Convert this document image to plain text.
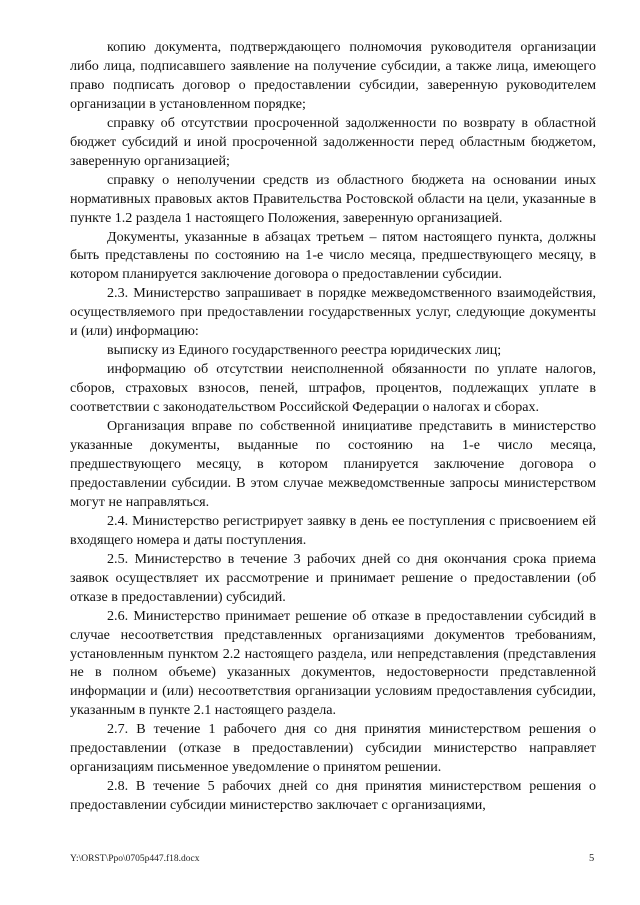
копию документа, подтверждающего полномочия руководителя организации либо лица, подписавшего заявление на получение субсидии, а также лица, имеющего право подписать договор о предоставлении субсидии, заверенную руководителем организации в установленном порядке;

справку об отсутствии просроченной задолженности по возврату в областной бюджет субсидий и иной просроченной задолженности перед областным бюджетом, заверенную организацией;

справку о неполучении средств из областного бюджета на основании иных нормативных правовых актов Правительства Ростовской области на цели, указанные в пункте 1.2 раздела 1 настоящего Положения, заверенную организацией.

Документы, указанные в абзацах третьем – пятом настоящего пункта, должны быть представлены по состоянию на 1-е число месяца, предшествующего месяцу, в котором планируется заключение договора о предоставлении субсидии.

2.3. Министерство запрашивает в порядке межведомственного взаимодействия, осуществляемого при предоставлении государственных услуг, следующие документы и (или) информацию:

выписку из Единого государственного реестра юридических лиц;

информацию об отсутствии неисполненной обязанности по уплате налогов, сборов, страховых взносов, пеней, штрафов, процентов, подлежащих уплате в соответствии с законодательством Российской Федерации о налогах и сборах.

Организация вправе по собственной инициативе представить в министерство указанные документы, выданные по состоянию на 1-е число месяца, предшествующего месяцу, в котором планируется заключение договора о предоставлении субсидии. В этом случае межведомственные запросы министерством могут не направляться.

2.4. Министерство регистрирует заявку в день ее поступления с присвоением ей входящего номера и даты поступления.

2.5. Министерство в течение 3 рабочих дней со дня окончания срока приема заявок осуществляет их рассмотрение и принимает решение о предоставлении (об отказе в предоставлении) субсидий.

2.6. Министерство принимает решение об отказе в предоставлении субсидий в случае несоответствия представленных организациями документов требованиям, установленным пунктом 2.2 настоящего раздела, или непредставления (представления не в полном объеме) указанных документов, недостоверности представленной информации и (или) несоответствия организации условиям предоставления субсидии, указанным в пункте 2.1 настоящего раздела.

2.7. В течение 1 рабочего дня со дня принятия министерством решения о предоставлении (отказе в предоставлении) субсидии министерство направляет организациям письменное уведомление о принятом решении.

2.8. В течение 5 рабочих дней со дня принятия министерством решения о предоставлении субсидии министерство заключает с организациями,

Y:\ORST\Ppo\0705p447.f18.docx	5
